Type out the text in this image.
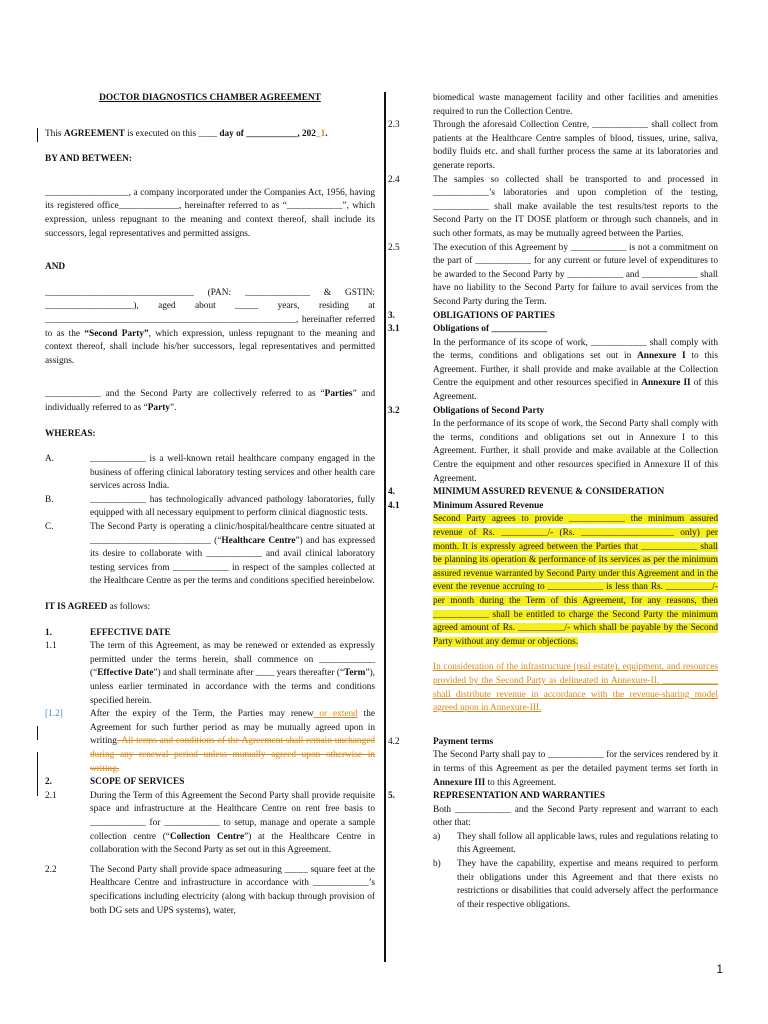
DOCTOR DIAGNOSTICS CHAMBER AGREEMENT

This AGREEMENT is executed on this ____ day of ___________, 202_1.

BY AND BETWEEN:

__________________, a company incorporated under the Companies Act, 1956, having its registered office_____________, hereinafter referred to as “____________”, which expression, unless repugnant to the meaning and context thereof, shall include its successors, legal representatives and permitted assigns.

AND

________________________________ (PAN: ______________ & GSTIN: ___________________), aged about _____ years, residing at ______________________________________________________, hereinafter referred to as the “Second Party”, which expression, unless repugnant to the meaning and context thereof, shall include his/her successors, legal representatives and permitted assigns.

____________ and the Second Party are collectively referred to as “Parties” and individually referred to as “Party”.

WHEREAS:

A.	____________ is a well-known retail healthcare company engaged in the business of offering clinical laboratory testing services and other health care services across India.
B.	____________ has technologically advanced pathology laboratories, fully equipped with all necessary equipment to perform clinical diagnostic tests.
C.	The Second Party is operating a clinic/hospital/healthcare centre situated at __________________________ (“Healthcare Centre”) and has expressed its desire to collaborate with ____________ and avail clinical laboratory testing services from ____________ in respect of the samples collected at the Healthcare Centre as per the terms and conditions specified hereinbelow.

IT IS AGREED as follows:

1.	EFFECTIVE DATE
1.1	The term of this Agreement, as may be renewed or extended as expressly permitted under the terms herein, shall commence on ____________ (“Effective Date”) and shall terminate after ____ years thereafter (“Term”), unless earlier terminated in accordance with the terms and conditions specified herein.
[1.2]	After the expiry of the Term, the Parties may renew or extend the Agreement for such further period as may be mutually agreed upon in writing. All terms and conditions of the Agreement shall remain unchanged during any renewal period unless mutually agreed upon otherwise in writing.
2.	SCOPE OF SERVICES
2.1	During the Term of this Agreement the Second Party shall provide requisite space and infrastructure at the Healthcare Centre on rent free basis to ____________ for ____________ to setup, manage and operate a sample collection centre (“Collection Centre”) at the Healthcare Centre in collaboration with the Second Party as set out in this Agreement.
2.2	The Second Party shall provide space admeasuring _____ square feet at the Healthcare Centre and infrastructure in accordance with ____________’s specifications including electricity (along with backup through provision of both DG sets and UPS systems), water,
biomedical waste management facility and other facilities and amenities required to run the Collection Centre.
2.3	Through the aforesaid Collection Centre, ____________ shall collect from patients at the Healthcare Centre samples of blood, tissues, urine, saliva, bodily fluids etc. and shall further process the same at its laboratories and generate reports.
2.4	The samples so collected shall be transported to and processed in ____________’s laboratories and upon completion of the testing, ____________ shall make available the test results/test reports to the Second Party on the IT DOSE platform or through such channels, and in such other formats, as may be mutually agreed between the Parties.
2.5	The execution of this Agreement by ____________ is not a commitment on the part of ____________ for any current or future level of expenditures to be awarded to the Second Party by ____________ and ____________ shall have no liability to the Second Party for failure to avail services from the Second Party during the Term.
3.	OBLIGATIONS OF PARTIES
3.1	Obligations of ____________
In the performance of its scope of work, ____________ shall comply with the terms, conditions and obligations set out in Annexure I to this Agreement. Further, it shall provide and make available at the Collection Centre the equipment and other resources specified in Annexure II of this Agreement.
3.2	Obligations of Second Party
In the performance of its scope of work, the Second Party shall comply with the terms, conditions and obligations set out in Annexure I to this Agreement. Further, it shall provide and make available at the Collection Centre the equipment and other resources specified in Annexure II of this Agreement.
4.	MINIMUM ASSURED REVENUE & CONSIDERATION
4.1	Minimum Assured Revenue
Second Party agrees to provide ____________ the minimum assured revenue of Rs. __________/- (Rs. ____________________ only) per month. It is expressly agreed between the Parties that ____________ shall be planning its operation & performance of its services as per the minimum assured revenue warranted by Second Party under this Agreement and in the event the revenue accruing to ____________ is less than Rs. __________/- per month during the Term of this Agreement, for any reasons, then ____________ shall be entitled to charge the Second Party the minimum agreed amount of Rs. __________/- which shall be payable by the Second Party without any demur or objections.
In consideration of the infrastructure (real estate), equipment, and resources provided by the Second Party as delineated in Annexure-II, ____________ shall distribute revenue in accordance with the revenue-sharing model agreed upon in Annexure-III.
4.2	Payment terms
The Second Party shall pay to ____________ for the services rendered by it in terms of this Agreement as per the detailed payment terms set forth in Annexure III to this Agreement.
5.	REPRESENTATION AND WARRANTIES
Both ____________ and the Second Party represent and warrant to each other that:
a)	They shall follow all applicable laws, rules and regulations relating to this Agreement.
b)	They have the capability, expertise and means required to perform their obligations under this Agreement and that there exists no restrictions or disabilities that could adversely affect the performance of their respective obligations.
1
